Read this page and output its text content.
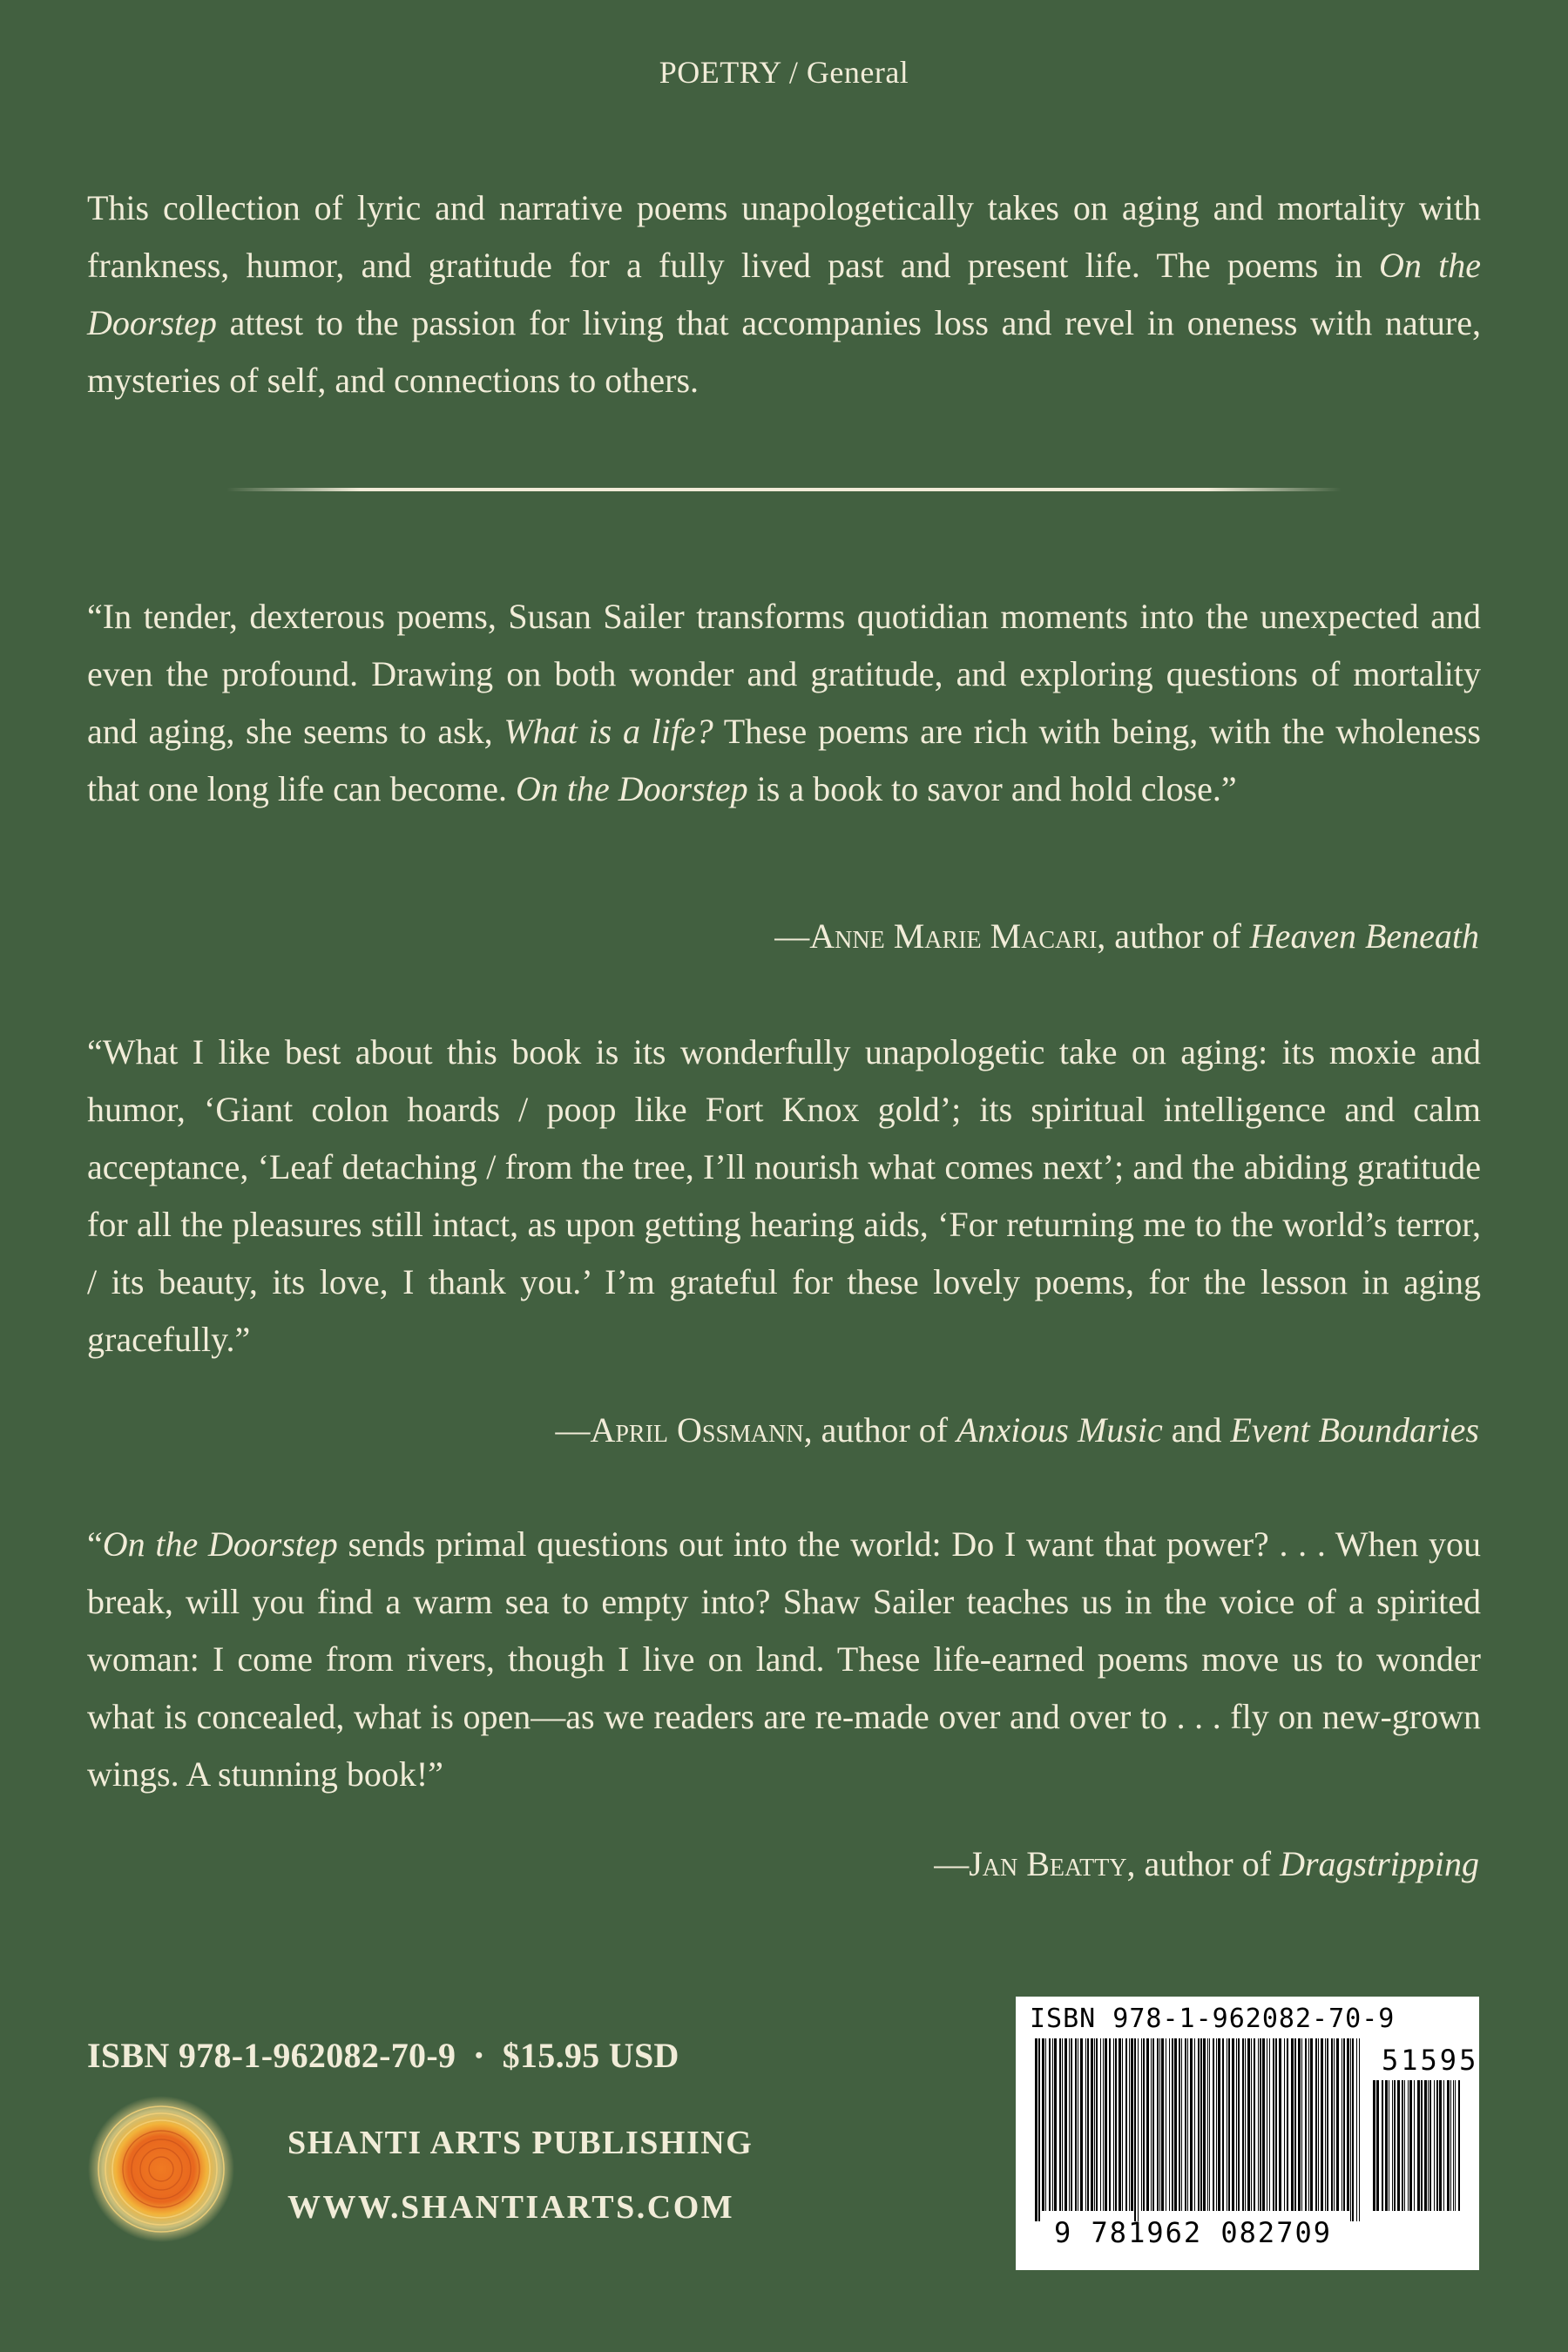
POETRY / General
This collection of lyric and narrative poems unapologetically takes on aging and mortality with frankness, humor, and gratitude for a fully lived past and present life. The poems in On the Doorstep attest to the passion for living that accompanies loss and revel in oneness with nature, mysteries of self, and connections to others.
“In tender, dexterous poems, Susan Sailer transforms quotidian moments into the unexpected and even the profound. Drawing on both wonder and gratitude, and exploring questions of mortality and aging, she seems to ask, What is a life? These poems are rich with being, with the wholeness that one long life can become. On the Doorstep is a book to savor and hold close.”
—Anne Marie Macari, author of Heaven Beneath
“What I like best about this book is its wonderfully unapologetic take on aging: its moxie and humor, ‘Giant colon hoards / poop like Fort Knox gold’; its spiritual intelligence and calm acceptance, ‘Leaf detaching / from the tree, I’ll nourish what comes next’; and the abiding gratitude for all the pleasures still intact, as upon getting hearing aids, ‘For returning me to the world’s terror, / its beauty, its love, I thank you.’ I’m grateful for these lovely poems, for the lesson in aging gracefully.”
—April Ossmann, author of Anxious Music and Event Boundaries
“On the Doorstep sends primal questions out into the world: Do I want that power? . . . When you break, will you find a warm sea to empty into? Shaw Sailer teaches us in the voice of a spirited woman: I come from rivers, though I live on land. These life-earned poems move us to wonder what is concealed, what is open—as we readers are re-made over and over to . . . fly on new-grown wings. A stunning book!”
—Jan Beatty, author of Dragstripping
ISBN 978-1-962082-70-9 • $15.95 USD
SHANTI ARTS PUBLISHING
WWW.SHANTIARTS.COM
ISBN 978-1-962082-70-9
51595
9 781962 082709
